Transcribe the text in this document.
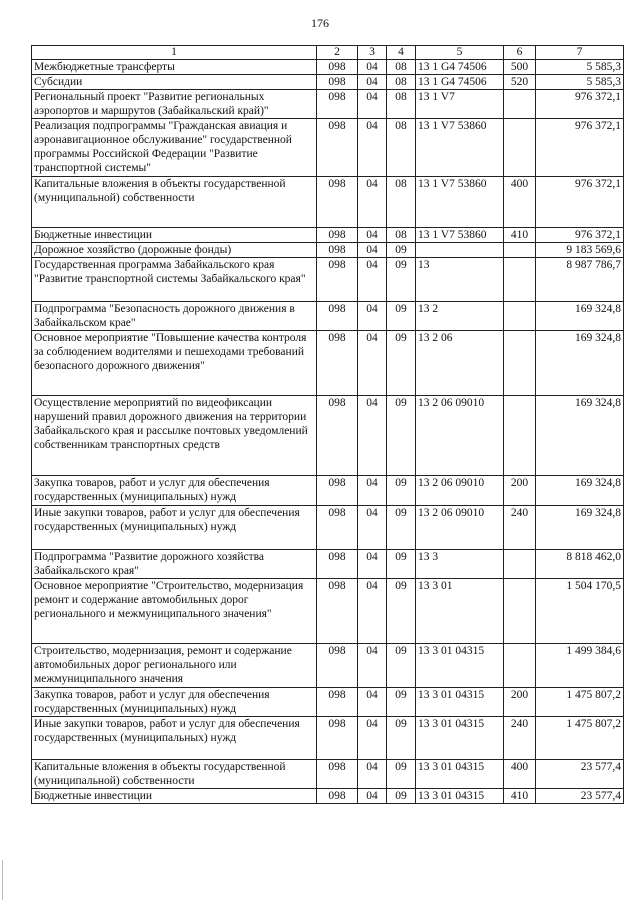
176
1	2	3	4	5	6	7
Межбюджетные трансферты	098	04	08	13 1 G4 74506	500	5 585,3
Субсидии	098	04	08	13 1 G4 74506	520	5 585,3
Региональный проект "Развитие региональных аэропортов и маршрутов (Забайкальский край)"	098	04	08	13 1 V7		976 372,1
Реализация подпрограммы "Гражданская авиация и аэронавигационное обслуживание" государственной программы Российской Федерации "Развитие транспортной системы"	098	04	08	13 1 V7 53860		976 372,1
Капитальные вложения в объекты государственной (муниципальной) собственности	098	04	08	13 1 V7 53860	400	976 372,1
Бюджетные инвестиции	098	04	08	13 1 V7 53860	410	976 372,1
Дорожное хозяйство (дорожные фонды)	098	04	09			9 183 569,6
Государственная программа Забайкальского края "Развитие транспортной системы Забайкальского края"	098	04	09	13		8 987 786,7
Подпрограмма "Безопасность дорожного движения в Забайкальском крае"	098	04	09	13 2		169 324,8
Основное мероприятие "Повышение качества контроля за соблюдением водителями и пешеходами требований безопасного дорожного движения"	098	04	09	13 2 06		169 324,8
Осуществление мероприятий по видеофиксации нарушений правил дорожного движения на территории Забайкальского края и рассылке почтовых уведомлений собственникам транспортных средств	098	04	09	13 2 06 09010		169 324,8
Закупка товаров, работ и услуг для обеспечения государственных (муниципальных) нужд	098	04	09	13 2 06 09010	200	169 324,8
Иные закупки товаров, работ и услуг для обеспечения государственных (муниципальных) нужд	098	04	09	13 2 06 09010	240	169 324,8
Подпрограмма "Развитие дорожного хозяйства Забайкальского края"	098	04	09	13 3		8 818 462,0
Основное мероприятие "Строительство, модернизация ремонт и содержание автомобильных дорог регионального и межмуниципального значения"	098	04	09	13 3 01		1 504 170,5
Строительство, модернизация, ремонт и содержание автомобильных дорог регионального или межмуниципального значения	098	04	09	13 3 01 04315		1 499 384,6
Закупка товаров, работ и услуг для обеспечения государственных (муниципальных) нужд	098	04	09	13 3 01 04315	200	1 475 807,2
Иные закупки товаров, работ и услуг для обеспечения государственных (муниципальных) нужд	098	04	09	13 3 01 04315	240	1 475 807,2
Капитальные вложения в объекты государственной (муниципальной) собственности	098	04	09	13 3 01 04315	400	23 577,4
Бюджетные инвестиции	098	04	09	13 3 01 04315	410	23 577,4
